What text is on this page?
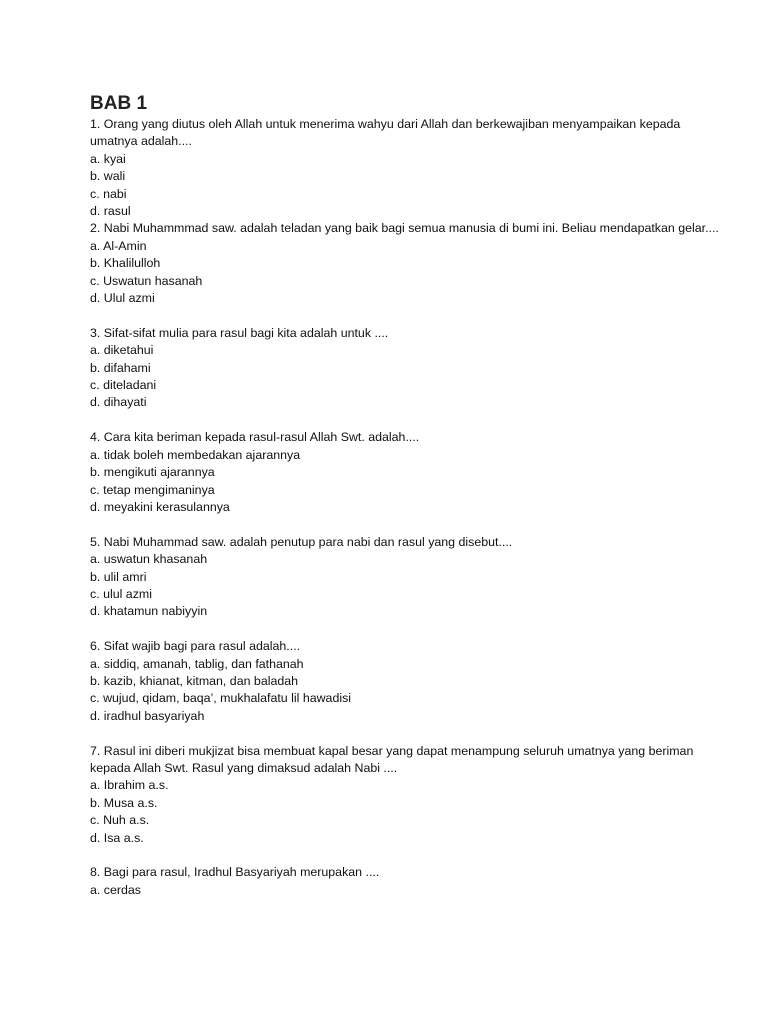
BAB 1
1. Orang yang diutus oleh Allah untuk menerima wahyu dari Allah dan berkewajiban menyampaikan kepada umatnya adalah....
a. kyai
b. wali
c. nabi
d. rasul
2. Nabi Muhammmad saw. adalah teladan yang baik bagi semua manusia di bumi ini. Beliau mendapatkan gelar....
a. Al-Amin
b. Khalilulloh
c. Uswatun hasanah
d. Ulul azmi
3. Sifat-sifat mulia para rasul bagi kita adalah untuk ....
a. diketahui
b. difahami
c. diteladani
d. dihayati
4. Cara kita beriman kepada rasul-rasul Allah Swt. adalah....
a. tidak boleh membedakan ajarannya
b. mengikuti ajarannya
c. tetap mengimaninya
d. meyakini kerasulannya
5. Nabi Muhammad saw. adalah penutup para nabi dan rasul yang disebut....
a. uswatun khasanah
b. ulil amri
c. ulul azmi
d. khatamun nabiyyin
6. Sifat wajib bagi para rasul adalah....
a. siddiq, amanah, tablig, dan fathanah
b. kazib, khianat, kitman, dan baladah
c. wujud, qidam, baqa’, mukhalafatu lil hawadisi
d. iradhul basyariyah
7. Rasul ini diberi mukjizat bisa membuat kapal besar yang dapat menampung seluruh umatnya yang beriman kepada Allah Swt. Rasul yang dimaksud adalah Nabi ....
a. Ibrahim a.s.
b. Musa a.s.
c. Nuh a.s.
d. Isa a.s.
8. Bagi para rasul, Iradhul Basyariyah merupakan ....
a. cerdas
